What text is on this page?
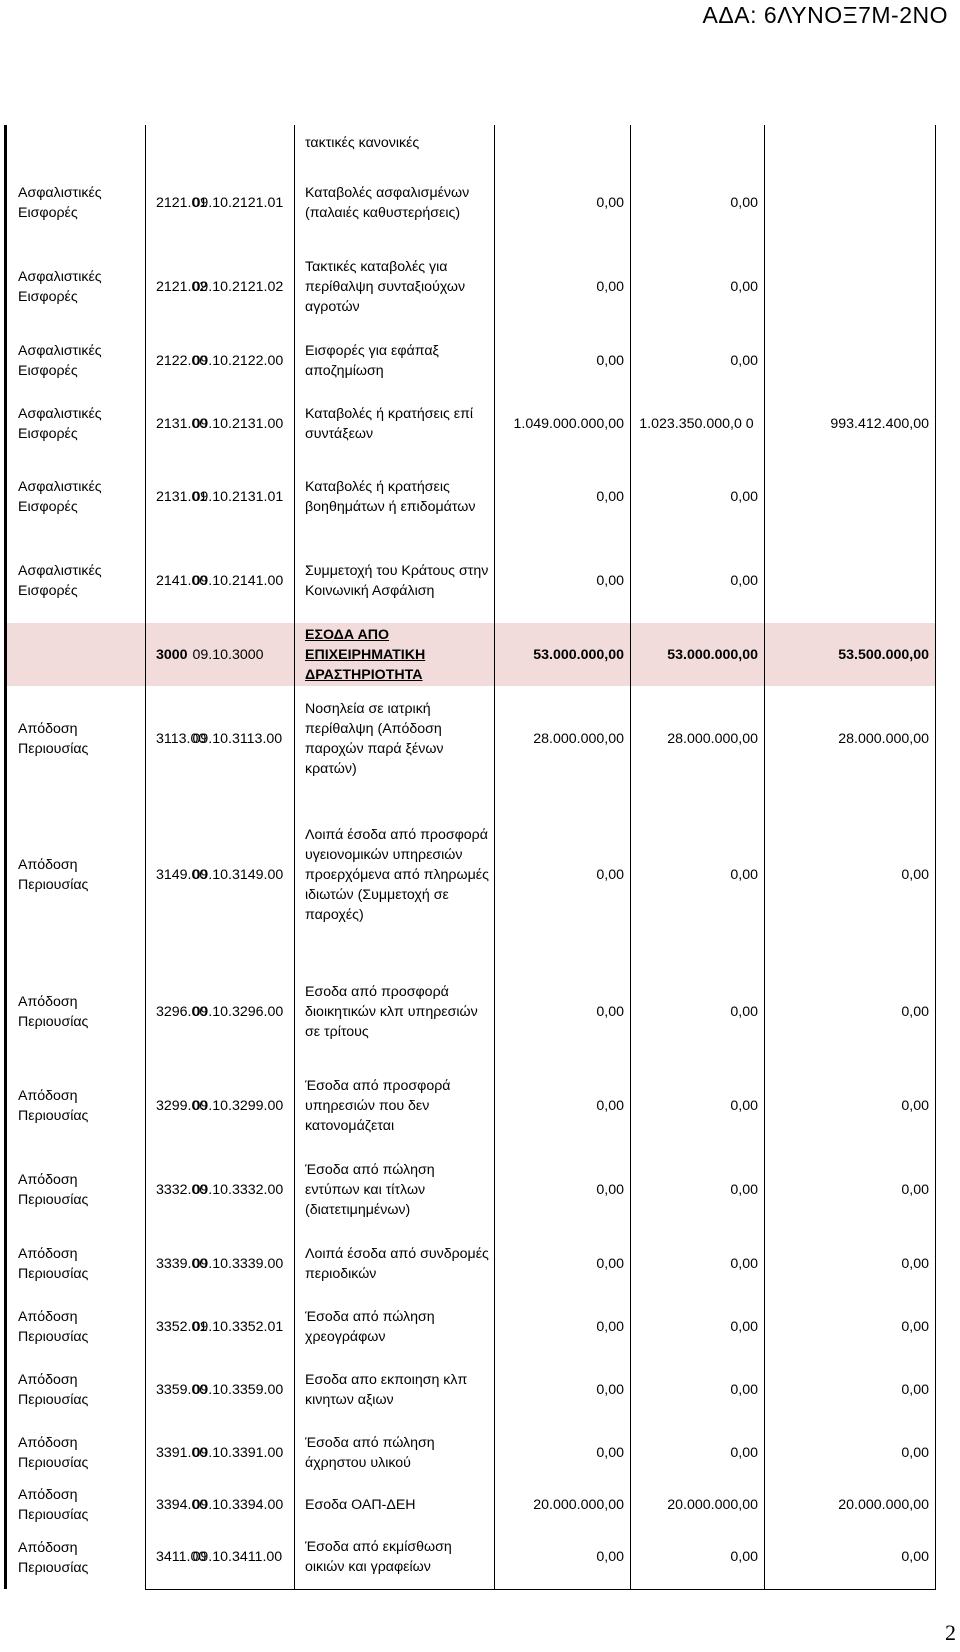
ΑΔΑ: 6ΛΥΝΟΞ7Μ-2ΝΟ
			τακτικές κανονικές			
Ασφαλιστικές Εισφορές	2121.01	09.10.2121.01	Καταβολές ασφαλισμένων (παλαιές καθυστερήσεις)	0,00	0,00	
Ασφαλιστικές Εισφορές	2121.02	09.10.2121.02	Τακτικές καταβολές για περίθαλψη συνταξιούχων αγροτών	0,00	0,00	
Ασφαλιστικές Εισφορές	2122.00	09.10.2122.00	Εισφορές για εφάπαξ αποζημίωση	0,00	0,00	
Ασφαλιστικές Εισφορές	2131.00	09.10.2131.00	Καταβολές ή κρατήσεις επί συντάξεων	1.049.000.000,00	1.023.350.000,0 0	993.412.400,00
Ασφαλιστικές Εισφορές	2131.01	09.10.2131.01	Καταβολές ή κρατήσεις βοηθημάτων ή επιδομάτων	0,00	0,00	
Ασφαλιστικές Εισφορές	2141.00	09.10.2141.00	Συμμετοχή του Κράτους στην Κοινωνική Ασφάλιση	0,00	0,00	
	3000	09.10.3000	ΕΣΟΔΑ ΑΠΟ ΕΠΙΧΕΙΡΗΜΑΤΙΚΗ ΔΡΑΣΤΗΡΙΟΤΗΤΑ	53.000.000,00	53.000.000,00	53.500.000,00
Απόδοση Περιουσίας	3113.00	09.10.3113.00	Νοσηλεία σε ιατρική περίθαλψη (Απόδοση παροχών παρά ξένων κρατών)	28.000.000,00	28.000.000,00	28.000.000,00
Απόδοση Περιουσίας	3149.00	09.10.3149.00	Λοιπά έσοδα από προσφορά υγειονομικών υπηρεσιών προερχόμενα από πληρωμές ιδιωτών (Συμμετοχή σε παροχές)	0,00	0,00	0,00
Απόδοση Περιουσίας	3296.00	09.10.3296.00	Εσοδα από προσφορά διοικητικών κλπ υπηρεσιών σε τρίτους	0,00	0,00	0,00
Απόδοση Περιουσίας	3299.00	09.10.3299.00	Έσοδα από προσφορά υπηρεσιών που δεν κατονομάζεται	0,00	0,00	0,00
Απόδοση Περιουσίας	3332.00	09.10.3332.00	Έσοδα από πώληση εντύπων και τίτλων (διατετιμημένων)	0,00	0,00	0,00
Απόδοση Περιουσίας	3339.00	09.10.3339.00	Λοιπά έσοδα από συνδρομές περιοδικών	0,00	0,00	0,00
Απόδοση Περιουσίας	3352.01	09.10.3352.01	Έσοδα από πώληση χρεογράφων	0,00	0,00	0,00
Απόδοση Περιουσίας	3359.00	09.10.3359.00	Εσοδα απο εκποιηση κλπ κινητων αξιων	0,00	0,00	0,00
Απόδοση Περιουσίας	3391.00	09.10.3391.00	Έσοδα από πώληση άχρηστου υλικού	0,00	0,00	0,00
Απόδοση Περιουσίας	3394.00	09.10.3394.00	Εσοδα ΟΑΠ-ΔΕΗ	20.000.000,00	20.000.000,00	20.000.000,00
Απόδοση Περιουσίας	3411.00	09.10.3411.00	Έσοδα από εκμίσθωση οικιών και γραφείων	0,00	0,00	0,00
2
